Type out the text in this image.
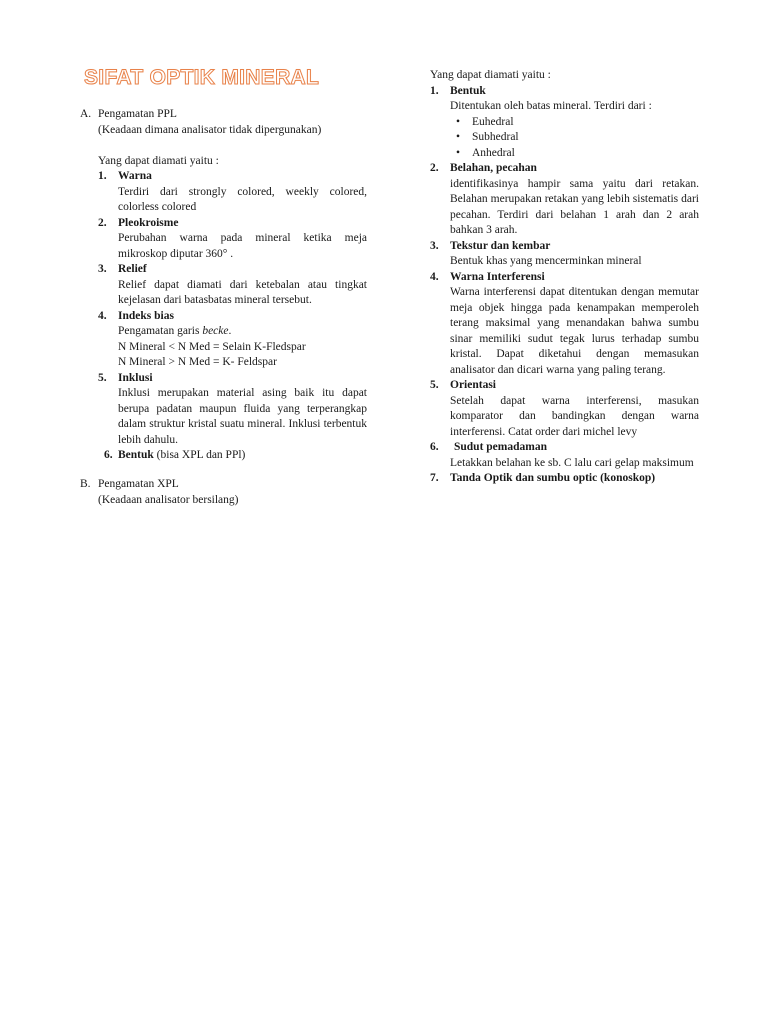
SIFAT OPTIK MINERAL
A. Pengamatan PPL

(Keadaan dimana analisator tidak dipergunakan)

Yang dapat diamati yaitu :

1. Warna

Terdiri dari strongly colored, weekly colored, colorless colored

2. Pleokroisme

Perubahan warna pada mineral ketika meja mikroskop diputar 360° .

3. Relief

Relief dapat diamati dari ketebalan atau tingkat kejelasan dari batasbatas mineral tersebut.

4. Indeks bias

Pengamatan garis becke.

N Mineral < N Med = Selain K-Fledspar

N Mineral > N Med = K- Feldspar

5. Inklusi

Inklusi merupakan material asing baik itu dapat berupa padatan maupun fluida yang terperangkap dalam struktur kristal suatu mineral. Inklusi terbentuk lebih dahulu.

6. Bentuk (bisa XPL dan PPl)
B. Pengamatan XPL

(Keadaan analisator bersilang)

Yang dapat diamati yaitu :

1. Bentuk

Ditentukan oleh batas mineral. Terdiri dari :

•	Euhedral
•	Subhedral
•	Anhedral
2. Belahan, pecahan

identifikasinya hampir sama yaitu dari retakan. Belahan merupakan retakan yang lebih sistematis dari pecahan. Terdiri dari belahan 1 arah dan 2 arah bahkan 3 arah.

3. Tekstur dan kembar

Bentuk khas yang mencerminkan mineral

4. Warna Interferensi

Warna interferensi dapat ditentukan dengan memutar meja objek hingga pada kenampakan memperoleh terang maksimal yang menandakan bahwa sumbu sinar memiliki sudut tegak lurus terhadap sumbu kristal. Dapat diketahui dengan memasukan analisator dan dicari warna yang paling terang.

5. Orientasi

Setelah dapat warna interferensi, masukan komparator dan bandingkan dengan warna interferensi. Catat order dari michel levy

6.	Sudut pemadaman

Letakkan belahan ke sb. C lalu cari gelap maksimum

7. Tanda Optik dan sumbu optic (konoskop)
